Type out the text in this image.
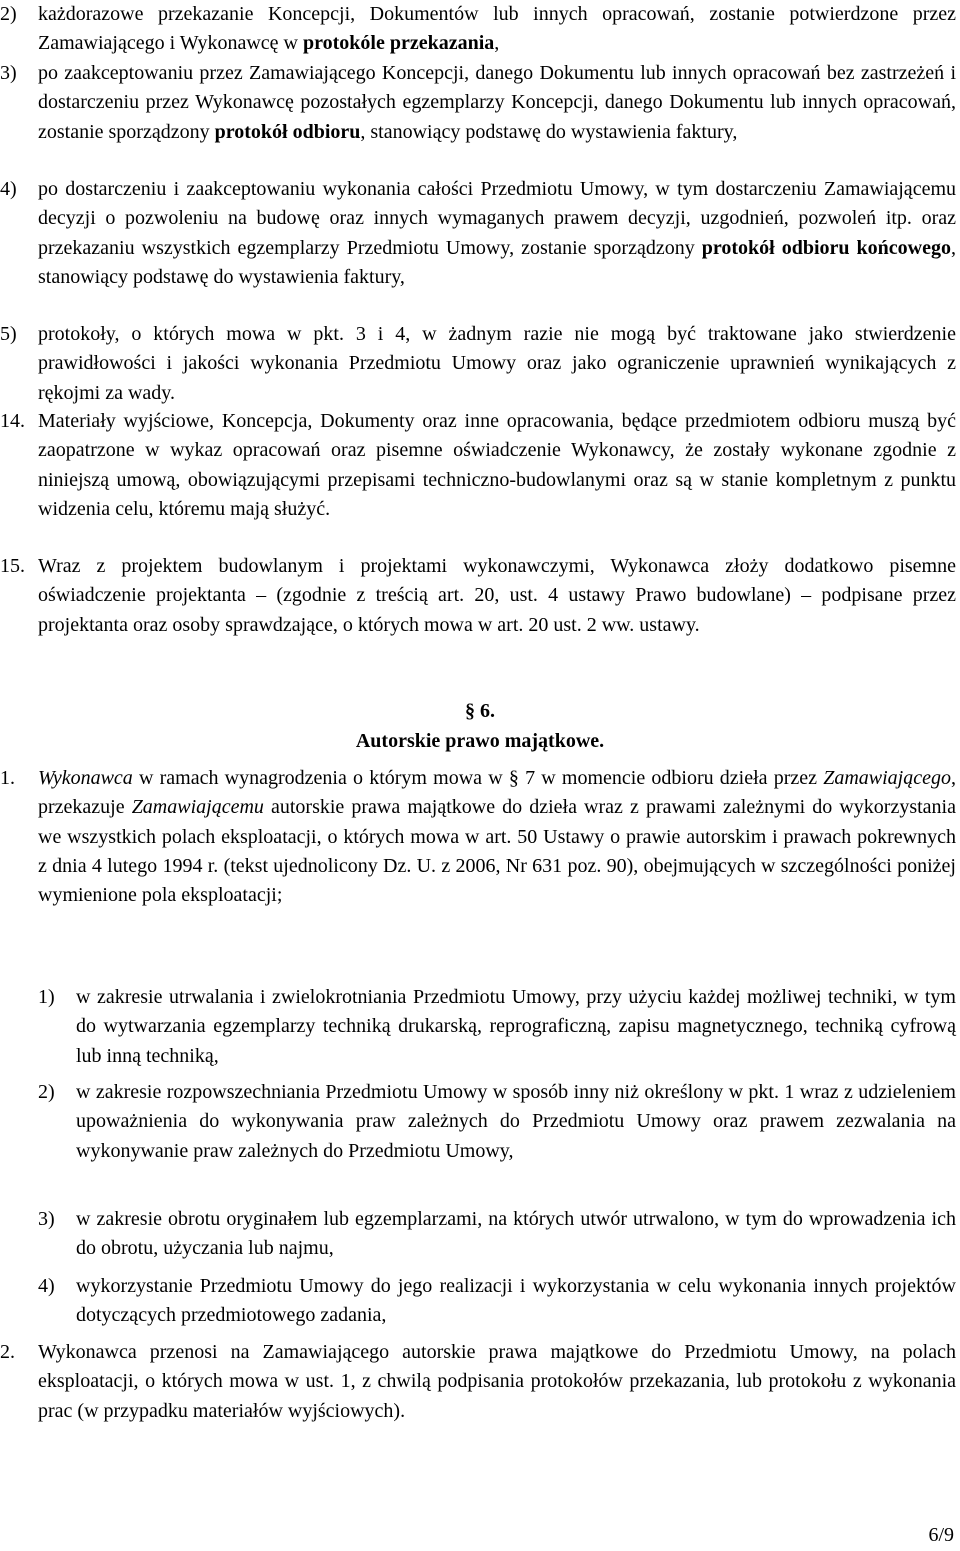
2) każdorazowe przekazanie Koncepcji, Dokumentów lub innych opracowań, zostanie potwierdzone przez Zamawiającego i Wykonawcę w protokóle przekazania,
3) po zaakceptowaniu przez Zamawiającego Koncepcji, danego Dokumentu lub innych opracowań bez zastrzeżeń i dostarczeniu przez Wykonawcę pozostałych egzemplarzy Koncepcji, danego Dokumentu lub innych opracowań, zostanie sporządzony protokół odbioru, stanowiący podstawę do wystawienia faktury,
4) po dostarczeniu i zaakceptowaniu wykonania całości Przedmiotu Umowy, w tym dostarczeniu Zamawiającemu decyzji o pozwoleniu na budowę oraz innych wymaganych prawem decyzji, uzgodnień, pozwoleń itp. oraz przekazaniu wszystkich egzemplarzy Przedmiotu Umowy, zostanie sporządzony protokół odbioru końcowego, stanowiący podstawę do wystawienia faktury,
5) protokoły, o których mowa w pkt. 3 i 4, w żadnym razie nie mogą być traktowane jako stwierdzenie prawidłowości i jakości wykonania Przedmiotu Umowy oraz jako ograniczenie uprawnień wynikających z rękojmi za wady.
14. Materiały wyjściowe, Koncepcja, Dokumenty oraz inne opracowania, będące przedmiotem odbioru muszą być zaopatrzone w wykaz opracowań oraz pisemne oświadczenie Wykonawcy, że zostały wykonane zgodnie z niniejszą umową, obowiązującymi przepisami techniczno-budowlanymi oraz są w stanie kompletnym z punktu widzenia celu, któremu mają służyć.
15. Wraz z projektem budowlanym i projektami wykonawczymi, Wykonawca złoży dodatkowo pisemne oświadczenie projektanta – (zgodnie z treścią art. 20, ust. 4 ustawy Prawo budowlane) – podpisane przez projektanta oraz osoby sprawdzające, o których mowa w art. 20 ust. 2 ww. ustawy.
§ 6.
Autorskie prawo majątkowe.
1. Wykonawca w ramach wynagrodzenia o którym mowa w § 7 w momencie odbioru dzieła przez Zamawiającego, przekazuje Zamawiającemu autorskie prawa majątkowe do dzieła wraz z prawami zależnymi do wykorzystania we wszystkich polach eksploatacji, o których mowa w art. 50 Ustawy o prawie autorskim i prawach pokrewnych z dnia 4 lutego 1994 r. (tekst ujednolicony Dz. U. z 2006, Nr 631 poz. 90), obejmujących w szczególności poniżej wymienione pola eksploatacji;
1) w zakresie utrwalania i zwielokrotniania Przedmiotu Umowy, przy użyciu każdej możliwej techniki, w tym do wytwarzania egzemplarzy techniką drukarską, reprograficzną, zapisu magnetycznego, techniką cyfrową lub inną techniką,
2) w zakresie rozpowszechniania Przedmiotu Umowy w sposób inny niż określony w pkt. 1 wraz z udzieleniem upoważnienia do wykonywania praw zależnych do Przedmiotu Umowy oraz prawem zezwalania na wykonywanie praw zależnych do Przedmiotu Umowy,
3) w zakresie obrotu oryginałem lub egzemplarzami, na których utwór utrwalono, w tym do wprowadzenia ich do obrotu, użyczania lub najmu,
4) wykorzystanie Przedmiotu Umowy do jego realizacji i wykorzystania w celu wykonania innych projektów dotyczących przedmiotowego zadania,
2. Wykonawca przenosi na Zamawiającego autorskie prawa majątkowe do Przedmiotu Umowy, na polach eksploatacji, o których mowa w ust. 1, z chwilą podpisania protokołów przekazania, lub protokołu z wykonania prac (w przypadku materiałów wyjściowych).
6/9
